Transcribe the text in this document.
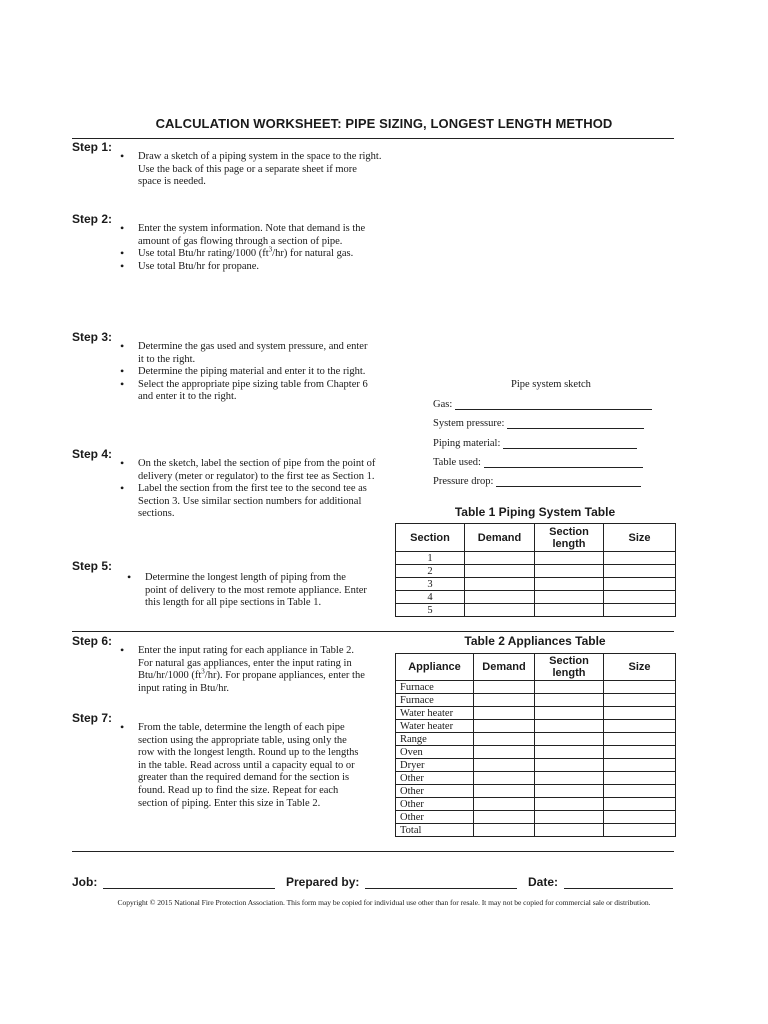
CALCULATION WORKSHEET: PIPE SIZING, LONGEST LENGTH METHOD
Step 1:
• Draw a sketch of a piping system in the space to the right. Use the back of this page or a separate sheet if more space is needed.
Step 2:
• Enter the system information. Note that demand is the amount of gas flowing through a section of pipe.
• Use total Btu/hr rating/1000 $(ft^3/hr)$ for natural gas.
• Use total Btu/hr for propane.
Step 3:
• Determine the gas used and system pressure, and enter it to the right.
• Determine the piping material and enter it to the right.
• Select the appropriate pipe sizing table from Chapter 6 and enter it to the right.
Step 4:
• On the sketch, label the section of pipe from the point of delivery (meter or regulator) to the first tee as Section 1.
• Label the section from the first tee to the second tee as Section 3. Use similar section numbers for additional sections.
Step 5:
• Determine the longest length of piping from the point of delivery to the most remote appliance. Enter this length for all pipe sections in Table 1.
Step 6:
• Enter the input rating for each appliance in Table 2. For natural gas appliances, enter the input rating in Btu/hr/1000 $(ft^3/hr)$. For propane appliances, enter the input rating in Btu/hr.
Step 7:
• From the table, determine the length of each pipe section using the appropriate table, using only the row with the longest length. Round up to the lengths in the table. Read across until a capacity equal to or greater than the required demand for the section is found. Read up to find the size. Repeat for each section of piping. Enter this size in Table 2.
Pipe system sketch
Gas:
System pressure:
Piping material:
Table used:
Pressure drop:
Table 1 Piping System Table
Section	Demand	Section length	Size
1			
2			
3			
4			
5			
Table 2 Appliances Table
Appliance	Demand	Section length	Size
Furnace			
Furnace			
Water heater			
Water heater			
Range			
Oven			
Dryer			
Other			
Other			
Other			
Other			
Total			
Job:	Prepared by:	Date:
Copyright © 2015 National Fire Protection Association. This form may be copied for individual use other than for resale. It may not be copied for commercial sale or distribution.
